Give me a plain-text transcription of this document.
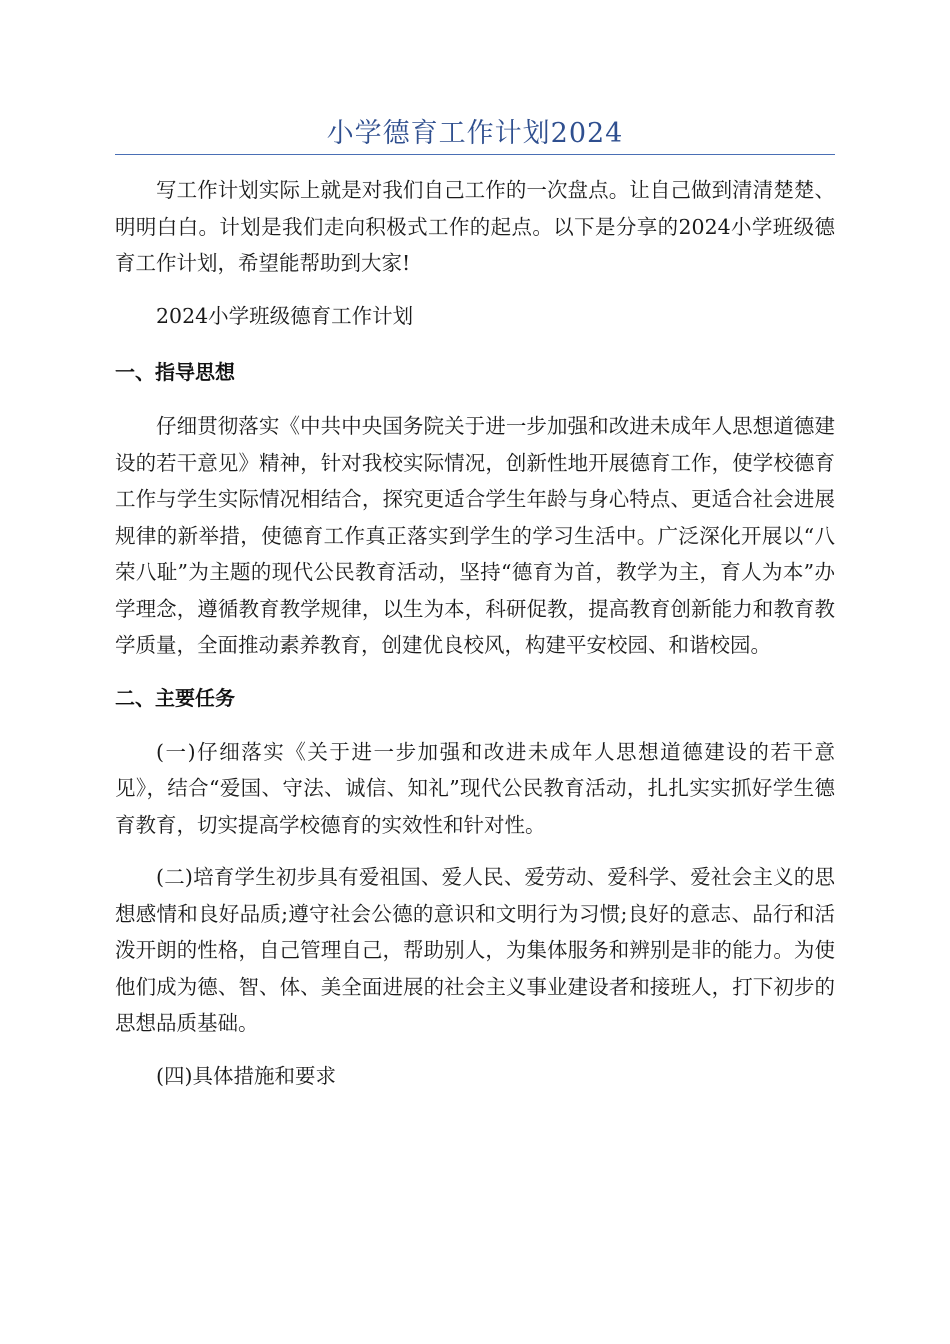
小学德育工作计划2024

写工作计划实际上就是对我们自己工作的一次盘点。让自己做到清清楚楚、明明白白。计划是我们走向积极式工作的起点。以下是分享的2024小学班级德育工作计划，希望能帮助到大家!

2024小学班级德育工作计划

一、指导思想

仔细贯彻落实《中共中央国务院关于进一步加强和改进未成年人思想道德建设的若干意见》精神，针对我校实际情况，创新性地开展德育工作，使学校德育工作与学生实际情况相结合，探究更适合学生年龄与身心特点、更适合社会进展规律的新举措，使德育工作真正落实到学生的学习生活中。广泛深化开展以“八荣八耻”为主题的现代公民教育活动，坚持“德育为首，教学为主，育人为本”办学理念，遵循教育教学规律，以生为本，科研促教，提高教育创新能力和教育教学质量，全面推动素养教育，创建优良校风，构建平安校园、和谐校园。

二、主要任务

(一)仔细落实《关于进一步加强和改进未成年人思想道德建设的若干意见》，结合“爱国、守法、诚信、知礼”现代公民教育活动，扎扎实实抓好学生德育教育，切实提高学校德育的实效性和针对性。

(二)培育学生初步具有爱祖国、爱人民、爱劳动、爱科学、爱社会主义的思想感情和良好品质;遵守社会公德的意识和文明行为习惯;良好的意志、品行和活泼开朗的性格，自己管理自己，帮助别人，为集体服务和辨别是非的能力。为使他们成为德、智、体、美全面进展的社会主义事业建设者和接班人，打下初步的思想品质基础。

(四)具体措施和要求
